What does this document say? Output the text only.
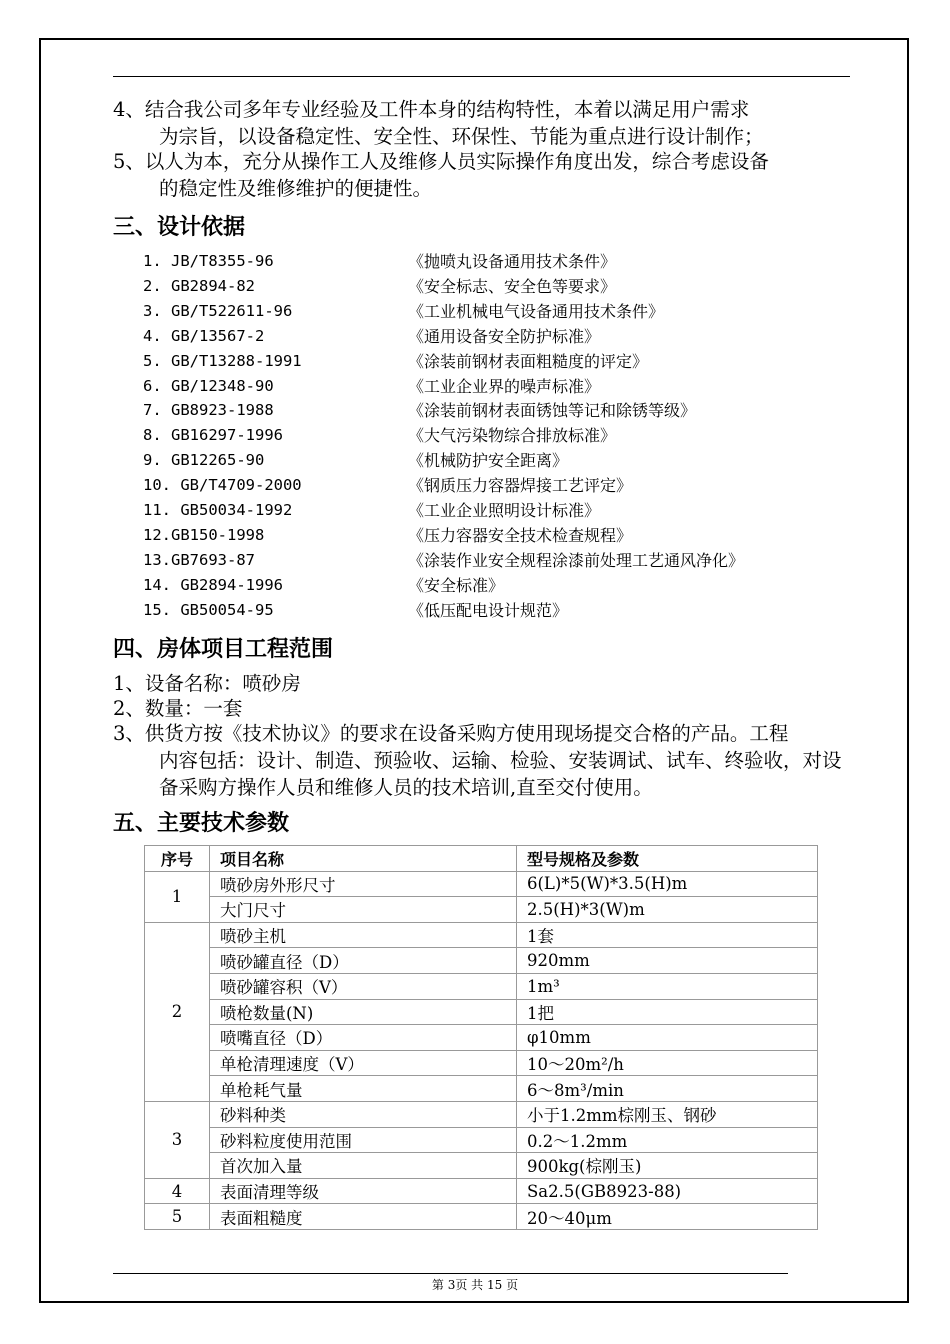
4、结合我公司多年专业经验及工件本身的结构特性，本着以满足用户需求
为宗旨，以设备稳定性、安全性、环保性、节能为重点进行设计制作；
5、以人为本，充分从操作工人及维修人员实际操作角度出发，综合考虑设备
的稳定性及维修维护的便捷性。
三、设计依据
1. JB/T8355-96	《抛喷丸设备通用技术条件》
2. GB2894-82	《安全标志、安全色等要求》
3. GB/T522611-96	《工业机械电气设备通用技术条件》
4. GB/13567-2	《通用设备安全防护标准》
5. GB/T13288-1991	《涂装前钢材表面粗糙度的评定》
6. GB/12348-90	《工业企业界的噪声标准》
7. GB8923-1988	《涂装前钢材表面锈蚀等记和除锈等级》
8. GB16297-1996	《大气污染物综合排放标准》
9. GB12265-90	《机械防护安全距离》
10. GB/T4709-2000	《钢质压力容器焊接工艺评定》
11. GB50034-1992	《工业企业照明设计标准》
12.GB150-1998	《压力容器安全技术检查规程》
13.GB7693-87	《涂装作业安全规程涂漆前处理工艺通风净化》
14. GB2894-1996	《安全标准》
15. GB50054-95	《低压配电设计规范》
四、房体项目工程范围
1、设备名称：喷砂房
2、数量：一套
3、供货方按《技术协议》的要求在设备采购方使用现场提交合格的产品。工程
内容包括：设计、制造、预验收、运输、检验、安装调试、试车、终验收，对设
备采购方操作人员和维修人员的技术培训,直至交付使用。
五、主要技术参数
序号	项目名称	型号规格及参数
1	喷砂房外形尺寸	6(L)*5(W)*3.5(H)m
	大门尺寸	2.5(H)*3(W)m
2	喷砂主机	1套
	喷砂罐直径（D）	920mm
	喷砂罐容积（V）	1m³
	喷枪数量(N)	1把
	喷嘴直径（D）	φ10mm
	单枪清理速度（V）	10～20m²/h
	单枪耗气量	6～8m³/min
3	砂料种类	小于1.2mm棕刚玉、钢砂
	砂料粒度使用范围	0.2～1.2mm
	首次加入量	900kg(棕刚玉)
4	表面清理等级	Sa2.5(GB8923-88)
5	表面粗糙度	20～40μm
第 3页 共 15 页
